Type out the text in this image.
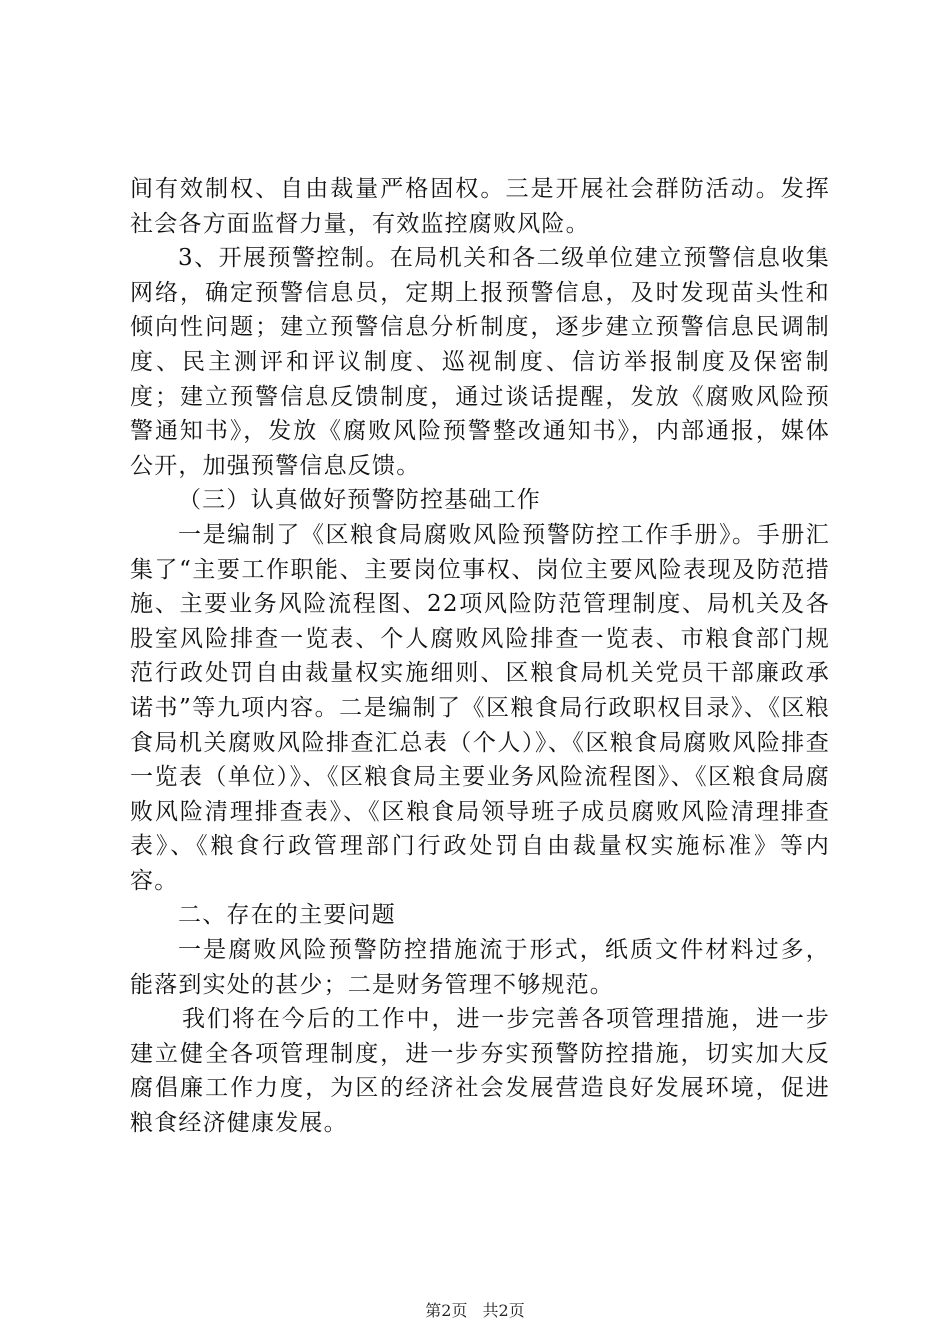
间有效制权、自由裁量严格固权。三是开展社会群防活动。发挥社会各方面监督力量，有效监控腐败风险。

3、开展预警控制。在局机关和各二级单位建立预警信息收集网络，确定预警信息员，定期上报预警信息，及时发现苗头性和倾向性问题；建立预警信息分析制度，逐步建立预警信息民调制度、民主测评和评议制度、巡视制度、信访举报制度及保密制度；建立预警信息反馈制度，通过谈话提醒，发放《腐败风险预警通知书》，发放《腐败风险预警整改通知书》，内部通报，媒体公开，加强预警信息反馈。

（三）认真做好预警防控基础工作

一是编制了《区粮食局腐败风险预警防控工作手册》。手册汇集了“主要工作职能、主要岗位事权、岗位主要风险表现及防范措施、主要业务风险流程图、22项风险防范管理制度、局机关及各股室风险排查一览表、个人腐败风险排查一览表、市粮食部门规范行政处罚自由裁量权实施细则、区粮食局机关党员干部廉政承诺书”等九项内容。二是编制了《区粮食局行政职权目录》、《区粮食局机关腐败风险排查汇总表（个人）》、《区粮食局腐败风险排查一览表（单位）》、《区粮食局主要业务风险流程图》、《区粮食局腐败风险清理排查表》、《区粮食局领导班子成员腐败风险清理排查表》、《粮食行政管理部门行政处罚自由裁量权实施标准》等内容。

二、存在的主要问题

一是腐败风险预警防控措施流于形式，纸质文件材料过多，能落到实处的甚少；二是财务管理不够规范。

我们将在今后的工作中，进一步完善各项管理措施，进一步建立健全各项管理制度，进一步夯实预警防控措施，切实加大反腐倡廉工作力度，为区的经济社会发展营造良好发展环境，促进粮食经济健康发展。

第2页 共2页
